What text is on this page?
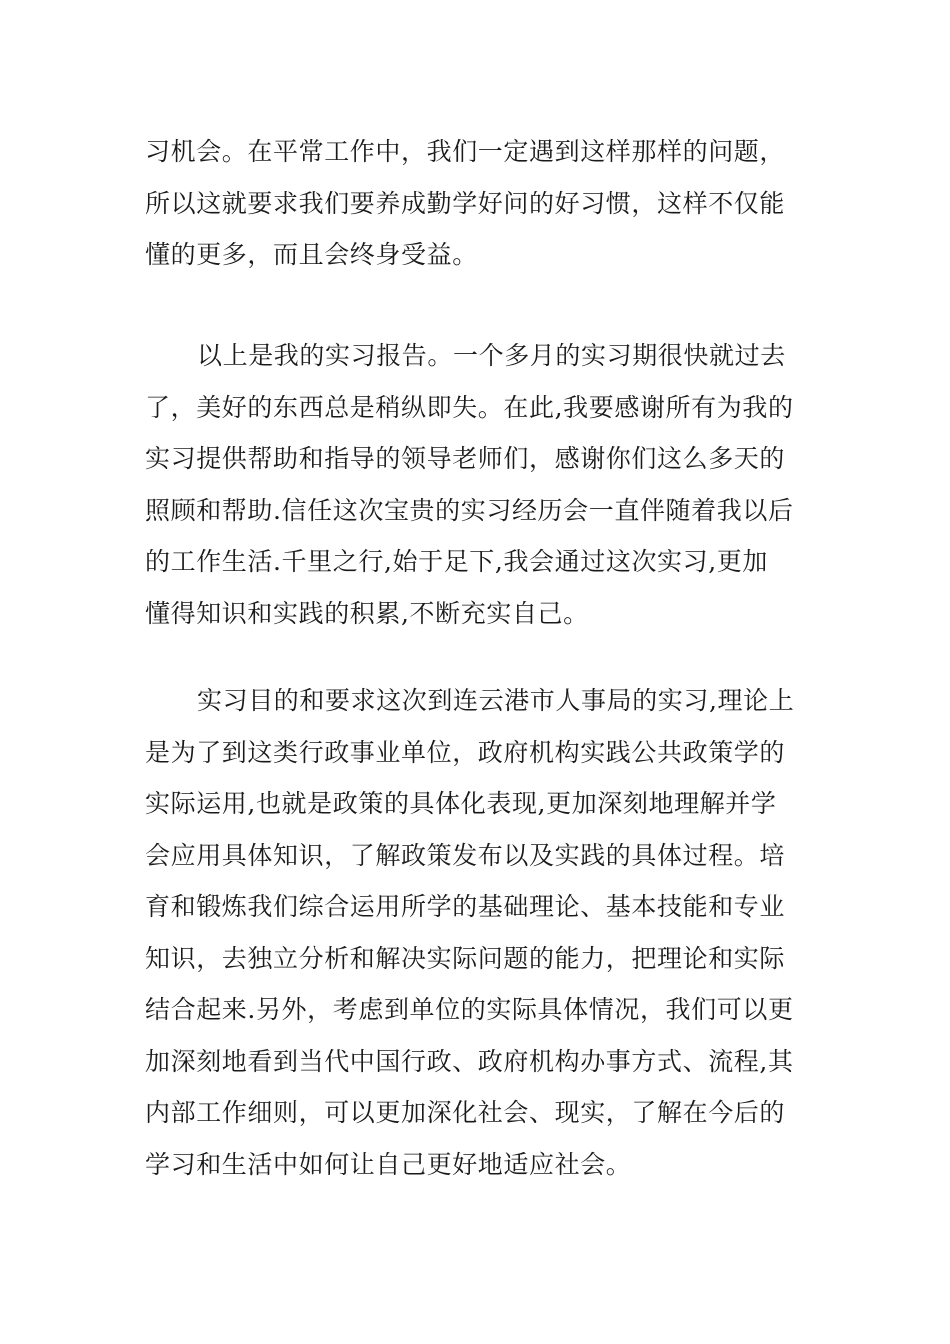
习机会。在平常工作中，我们一定遇到这样那样的问题，
所以这就要求我们要养成勤学好问的好习惯，这样不仅能
懂的更多，而且会终身受益。

以上是我的实习报告。一个多月的实习期很快就过去
了，美好的东西总是稍纵即失。在此,我要感谢所有为我的
实习提供帮助和指导的领导老师们，感谢你们这么多天的
照顾和帮助.信任这次宝贵的实习经历会一直伴随着我以后
的工作生活.千里之行,始于足下,我会通过这次实习,更加
懂得知识和实践的积累,不断充实自己。

实习目的和要求这次到连云港市人事局的实习,理论上
是为了到这类行政事业单位，政府机构实践公共政策学的
实际运用,也就是政策的具体化表现,更加深刻地理解并学
会应用具体知识，了解政策发布以及实践的具体过程。培
育和锻炼我们综合运用所学的基础理论、基本技能和专业
知识，去独立分析和解决实际问题的能力，把理论和实际
结合起来.另外，考虑到单位的实际具体情况，我们可以更
加深刻地看到当代中国行政、政府机构办事方式、流程,其
内部工作细则，可以更加深化社会、现实，了解在今后的
学习和生活中如何让自己更好地适应社会。
